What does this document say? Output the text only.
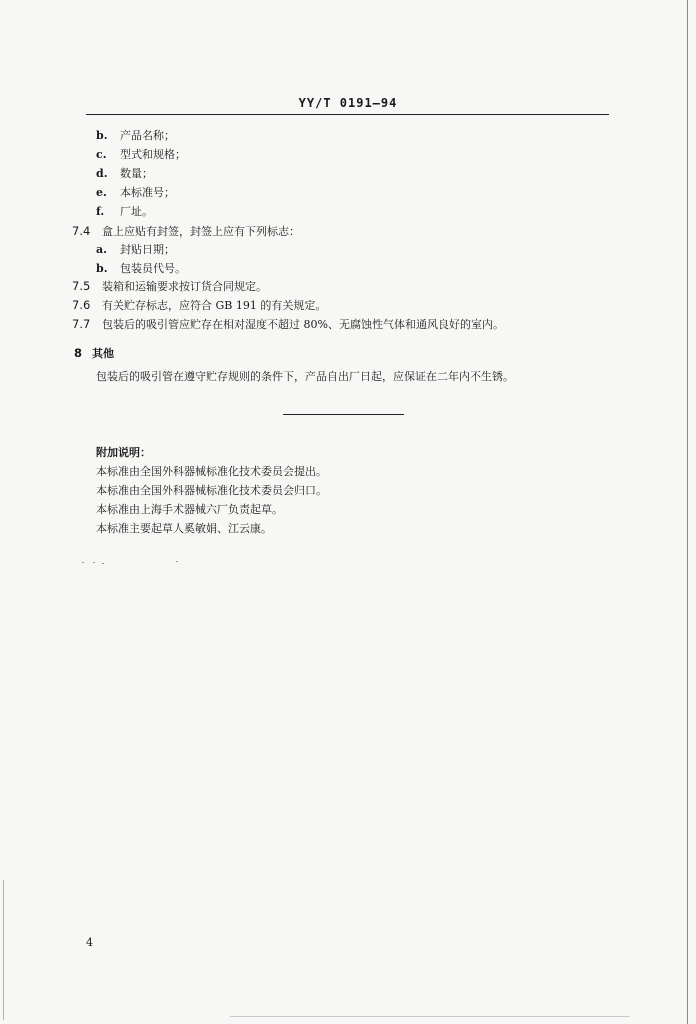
YY/T 0191—94
b. 产品名称；
c. 型式和规格；
d. 数量；
e. 本标准号；
f. 厂址。
7.4 盒上应贴有封签，封签上应有下列标志：
a. 封贴日期；
b. 包装员代号。
7.5 装箱和运输要求按订货合同规定。
7.6 有关贮存标志，应符合 GB 191 的有关规定。
7.7 包装后的吸引管应贮存在相对湿度不超过 80%、无腐蚀性气体和通风良好的室内。
8 其他
包装后的吸引管在遵守贮存规则的条件下，产品自出厂日起，应保证在二年内不生锈。
附加说明：
本标准由全国外科器械标准化技术委员会提出。
本标准由全国外科器械标准化技术委员会归口。
本标准由上海手术器械六厂负责起草。
本标准主要起草人奚敏娟、江云康。
4
